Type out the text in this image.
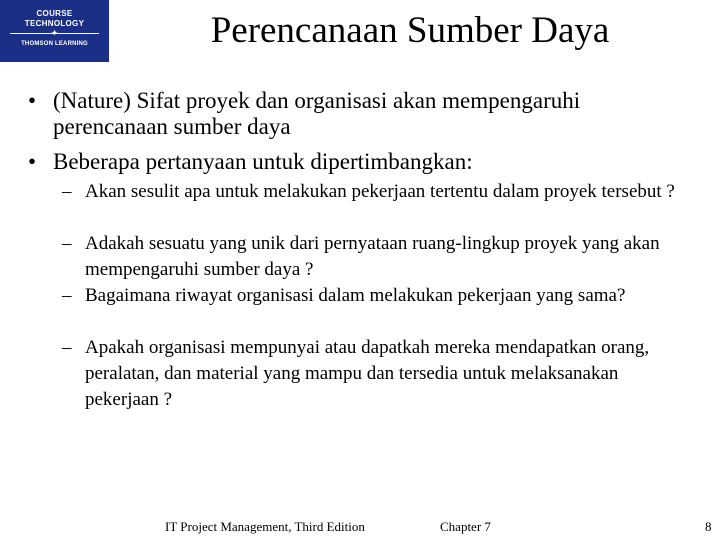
COURSE
TECHNOLOGY
✦
THOMSON LEARNING	Perencanaan Sumber Daya
• (Nature) Sifat proyek dan organisasi akan mempengaruhi perencanaan sumber daya
• Beberapa pertanyaan untuk dipertimbangkan:
– Akan sesulit apa untuk melakukan pekerjaan tertentu dalam proyek tersebut ?
– Adakah sesuatu yang unik dari pernyataan ruang-lingkup proyek yang akan mempengaruhi sumber daya ?
– Bagaimana riwayat organisasi dalam melakukan pekerjaan yang sama?
– Apakah organisasi mempunyai atau dapatkah mereka mendapatkan orang, peralatan, dan material yang mampu dan tersedia untuk melaksanakan pekerjaan ?
IT Project Management, Third Edition	Chapter 7	8
